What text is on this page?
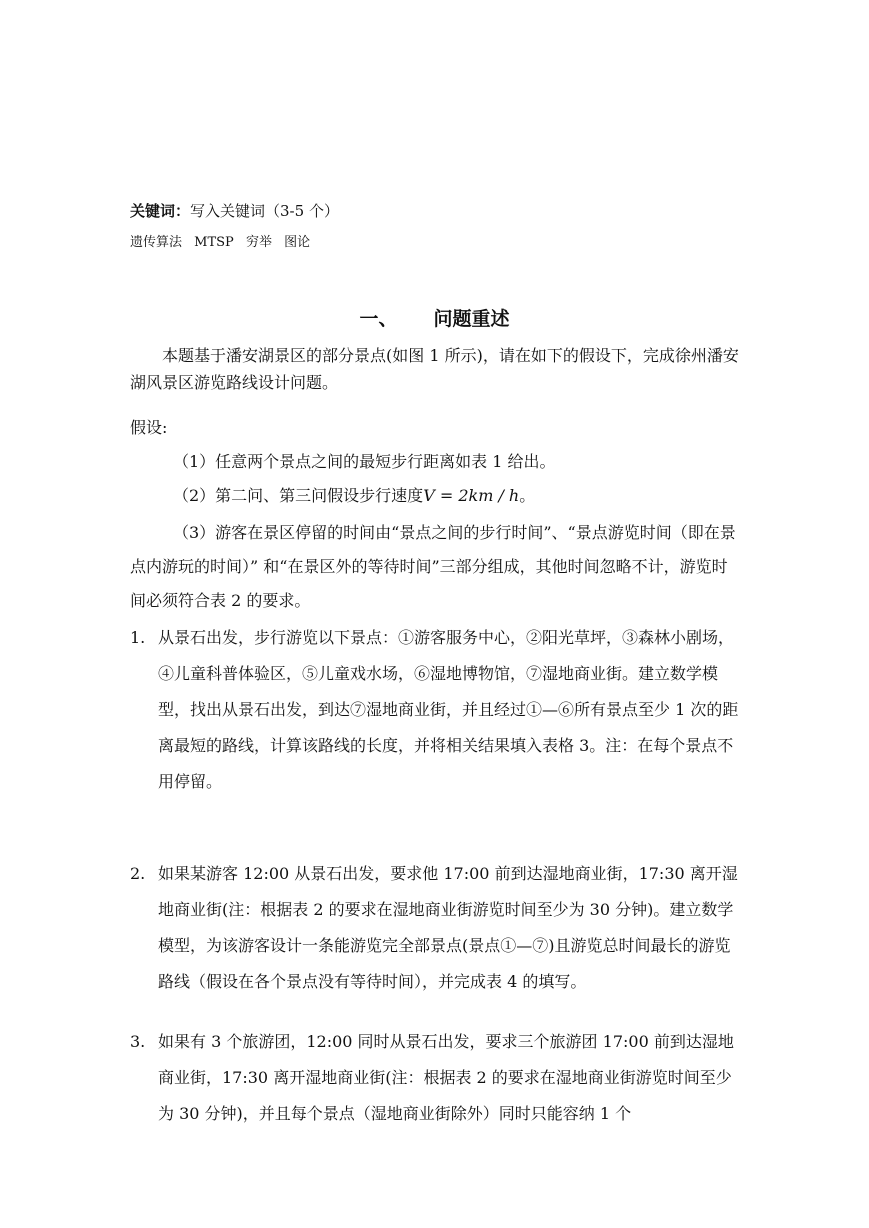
关键词：写入关键词（3-5 个）
遗传算法 MTSP 穷举 图论
一、 问题重述

本题基于潘安湖景区的部分景点(如图 1 所示)，请在如下的假设下，完成徐州潘安湖风景区游览路线设计问题。

假设:

（1）任意两个景点之间的最短步行距离如表 1 给出。

（2）第二问、第三问假设步行速度V = 2km / h。

（3）游客在景区停留的时间由“景点之间的步行时间”、“景点游览时间（即在景点内游玩的时间）” 和“在景区外的等待时间”三部分组成，其他时间忽略不计，游览时间必须符合表 2 的要求。

1. 从景石出发，步行游览以下景点：①游客服务中心，②阳光草坪，③森林小剧场，④儿童科普体验区，⑤儿童戏水场，⑥湿地博物馆，⑦湿地商业街。建立数学模型，找出从景石出发，到达⑦湿地商业街，并且经过①—⑥所有景点至少 1 次的距离最短的路线，计算该路线的长度，并将相关结果填入表格 3。注：在每个景点不用停留。
2. 如果某游客 12:00 从景石出发，要求他 17:00 前到达湿地商业街，17:30 离开湿地商业街(注：根据表 2 的要求在湿地商业街游览时间至少为 30 分钟)。建立数学模型，为该游客设计一条能游览完全部景点(景点①—⑦)且游览总时间最长的游览路线（假设在各个景点没有等待时间），并完成表 4 的填写。
3. 如果有 3 个旅游团，12:00 同时从景石出发，要求三个旅游团 17:00 前到达湿地商业街，17:30 离开湿地商业街(注：根据表 2 的要求在湿地商业街游览时间至少为 30 分钟)，并且每个景点（湿地商业街除外）同时只能容纳 1 个
